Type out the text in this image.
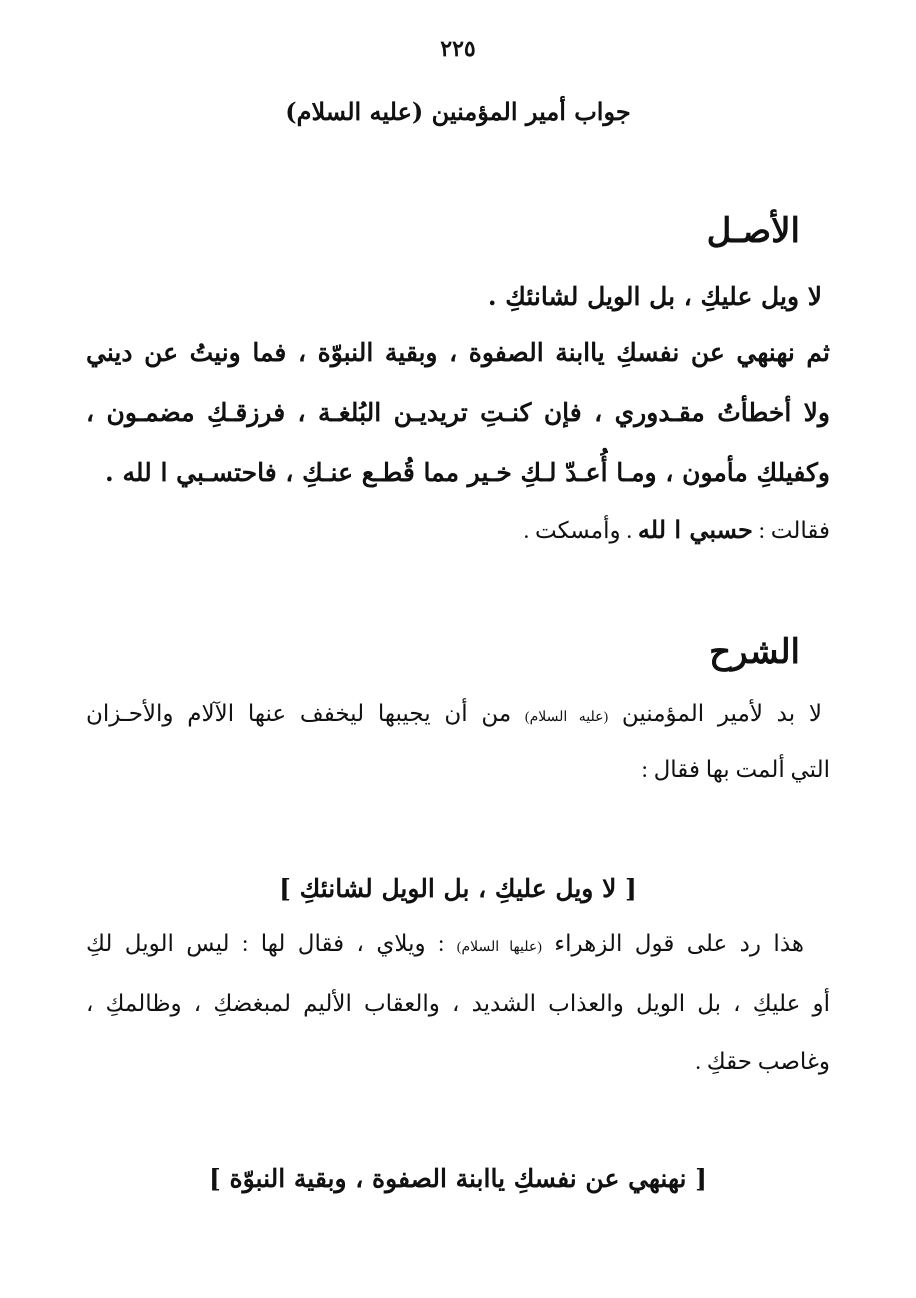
٢٢٥
جواب أمير المؤمنين (عليه السلام)
الأصـل
لا ويل عليكِ ، بل الويل لشانئكِ .
ثم نهنهي عن نفسكِ ياابنة الصفوة ، وبقية النبوّة ، فما ونيتُ عن ديني
ولا أخطأتُ مقـدوري ، فإن كنـتِ تريديـن البُلغـة ، فرزقـكِ مضمـون ،
وكفيلكِ مأمون ، ومـا أُعـدّ لـكِ خـير مما قُطـع عنـكِ ، فاحتسـبي ا لله .
فقالت : حسبي ا لله . وأمسكت .
الشرح
لا بد لأمير المؤمنين (عليه السلام) من أن يجيبها ليخفف عنها الآلام والأحـزان
التي ألمت بها فقال :
[ لا ويل عليكِ ، بل الويل لشانئكِ ]
هذا رد على قول الزهراء (عليها السلام) : ويلاي ، فقال لها : ليس الويل لكِ
أو عليكِ ، بل الويل والعذاب الشديد ، والعقاب الأليم لمبغضكِ ، وظالمكِ ،
وغاصب حقكِ .
[ نهنهي عن نفسكِ ياابنة الصفوة ، وبقية النبوّة ]
